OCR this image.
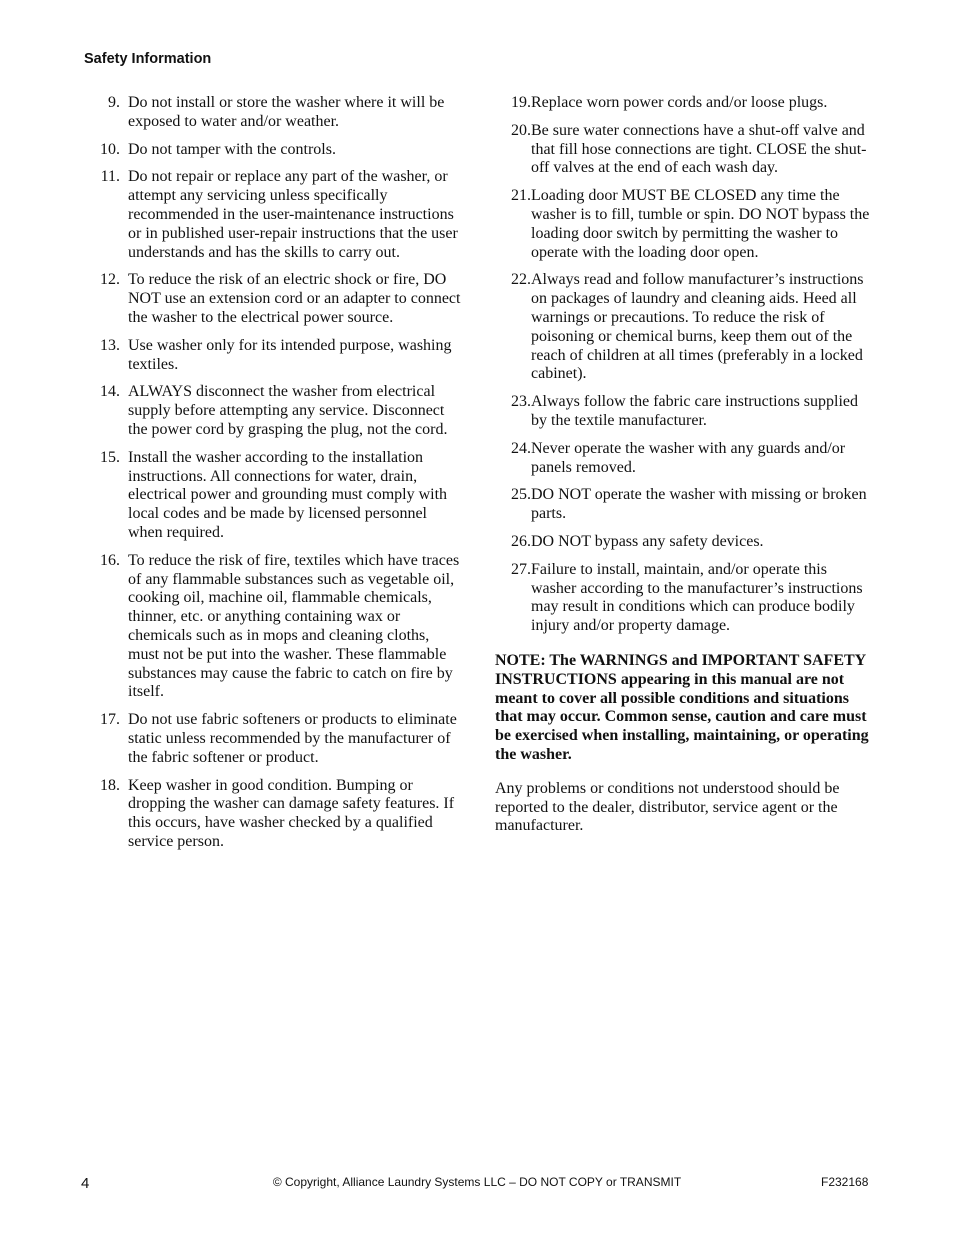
Safety Information
9. Do not install or store the washer where it will be exposed to water and/or weather.
10. Do not tamper with the controls.
11. Do not repair or replace any part of the washer, or attempt any servicing unless specifically recommended in the user-maintenance instructions or in published user-repair instructions that the user understands and has the skills to carry out.
12. To reduce the risk of an electric shock or fire, DO NOT use an extension cord or an adapter to connect the washer to the electrical power source.
13. Use washer only for its intended purpose, washing textiles.
14. ALWAYS disconnect the washer from electrical supply before attempting any service. Disconnect the power cord by grasping the plug, not the cord.
15. Install the washer according to the installation instructions. All connections for water, drain, electrical power and grounding must comply with local codes and be made by licensed personnel when required.
16. To reduce the risk of fire, textiles which have traces of any flammable substances such as vegetable oil, cooking oil, machine oil, flammable chemicals, thinner, etc. or anything containing wax or chemicals such as in mops and cleaning cloths, must not be put into the washer. These flammable substances may cause the fabric to catch on fire by itself.
17. Do not use fabric softeners or products to eliminate static unless recommended by the manufacturer of the fabric softener or product.
18. Keep washer in good condition. Bumping or dropping the washer can damage safety features. If this occurs, have washer checked by a qualified service person.
19. Replace worn power cords and/or loose plugs.
20. Be sure water connections have a shut-off valve and that fill hose connections are tight. CLOSE the shut-off valves at the end of each wash day.
21. Loading door MUST BE CLOSED any time the washer is to fill, tumble or spin. DO NOT bypass the loading door switch by permitting the washer to operate with the loading door open.
22. Always read and follow manufacturer’s instructions on packages of laundry and cleaning aids. Heed all warnings or precautions. To reduce the risk of poisoning or chemical burns, keep them out of the reach of children at all times (preferably in a locked cabinet).
23. Always follow the fabric care instructions supplied by the textile manufacturer.
24. Never operate the washer with any guards and/or panels removed.
25. DO NOT operate the washer with missing or broken parts.
26. DO NOT bypass any safety devices.
27. Failure to install, maintain, and/or operate this washer according to the manufacturer’s instructions may result in conditions which can produce bodily injury and/or property damage.
NOTE: The WARNINGS and IMPORTANT SAFETY INSTRUCTIONS appearing in this manual are not meant to cover all possible conditions and situations that may occur. Common sense, caution and care must be exercised when installing, maintaining, or operating the washer.

Any problems or conditions not understood should be reported to the dealer, distributor, service agent or the manufacturer.

4	© Copyright, Alliance Laundry Systems LLC – DO NOT COPY or TRANSMIT	F232168
